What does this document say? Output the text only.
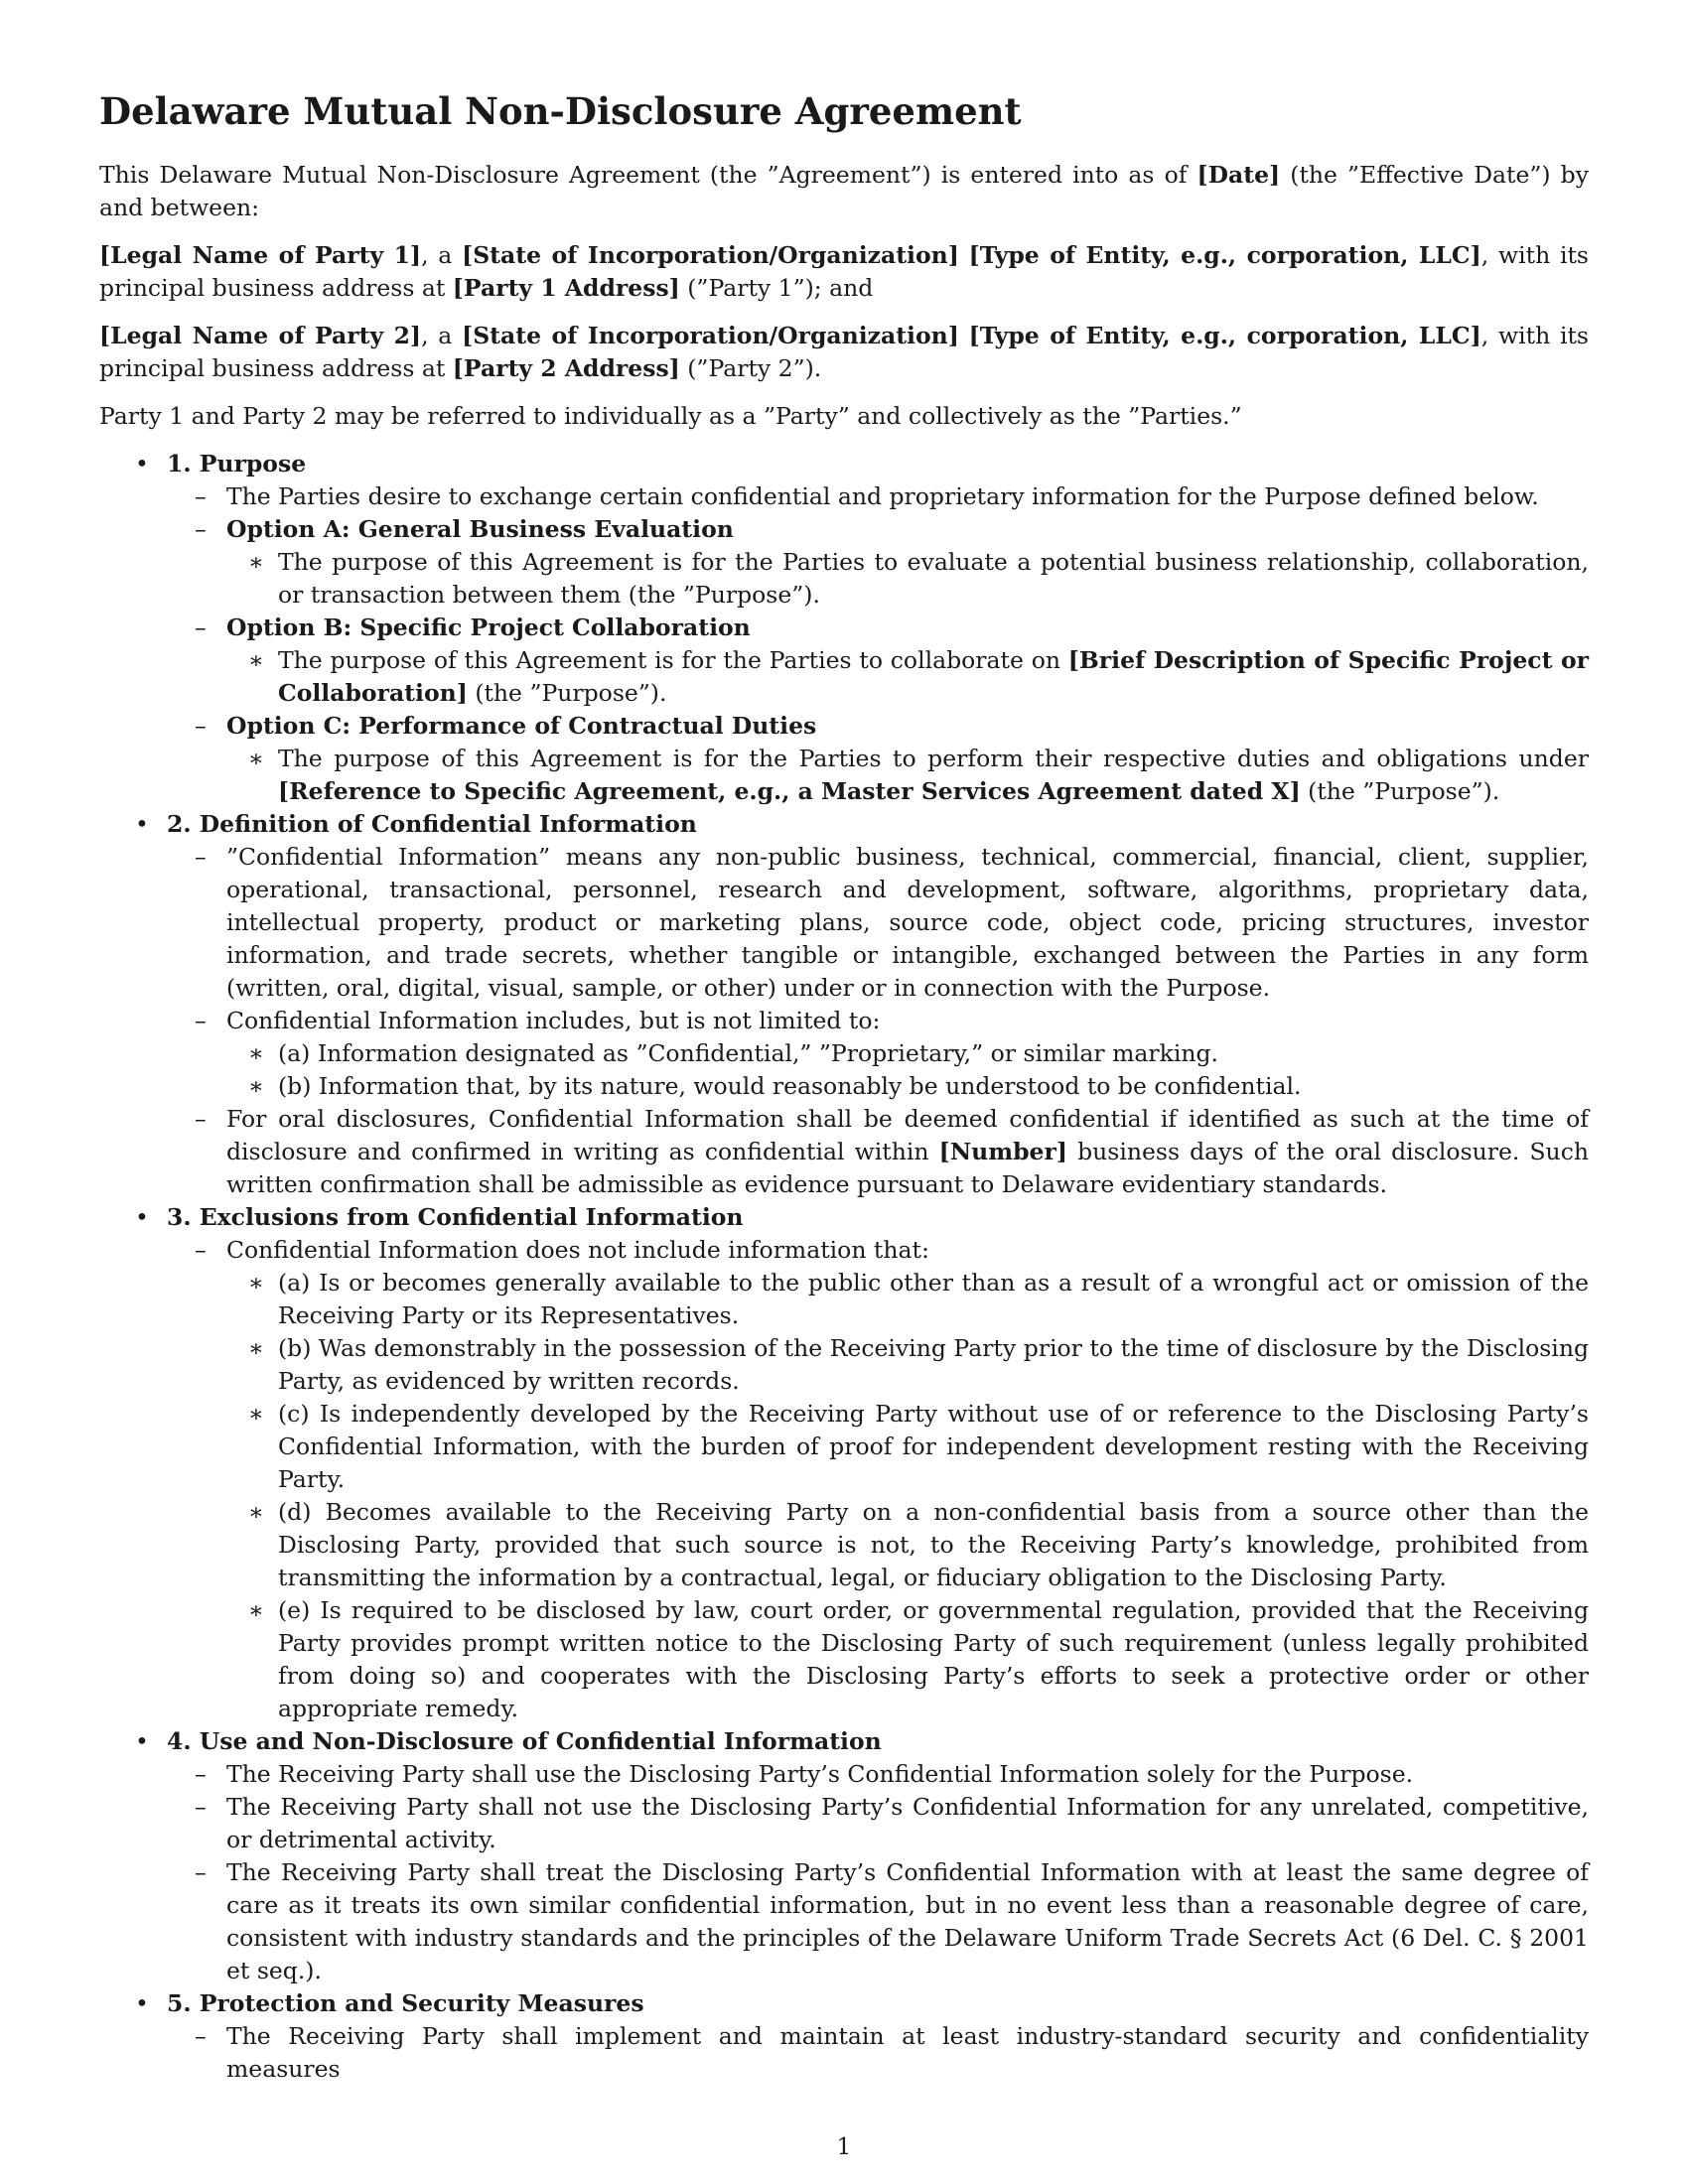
Delaware Mutual Non-Disclosure Agreement

This Delaware Mutual Non-Disclosure Agreement (the ”Agreement”) is entered into as of [Date] (the ”Effective Date”) by and between:

[Legal Name of Party 1], a [State of Incorporation/Organization] [Type of Entity, e.g., corporation, LLC], with its principal business address at [Party 1 Address] (”Party 1”); and

[Legal Name of Party 2], a [State of Incorporation/Organization] [Type of Entity, e.g., corporation, LLC], with its principal business address at [Party 2 Address] (”Party 2”).

Party 1 and Party 2 may be referred to individually as a ”Party” and collectively as the ”Parties.”

• 1. Purpose
– The Parties desire to exchange certain confidential and proprietary information for the Purpose defined below.
– Option A: General Business Evaluation
∗ The purpose of this Agreement is for the Parties to evaluate a potential business relationship, collaboration, or transaction between them (the ”Purpose”).
– Option B: Specific Project Collaboration
∗ The purpose of this Agreement is for the Parties to collaborate on [Brief Description of Specific Project or Collaboration] (the ”Purpose”).
– Option C: Performance of Contractual Duties
∗ The purpose of this Agreement is for the Parties to perform their respective duties and obligations under [Reference to Specific Agreement, e.g., a Master Services Agreement dated X] (the ”Purpose”).
• 2. Definition of Confidential Information
– ”Confidential Information” means any non-public business, technical, commercial, financial, client, supplier, operational, transactional, personnel, research and development, software, algorithms, proprietary data, intellectual property, product or marketing plans, source code, object code, pricing structures, investor information, and trade secrets, whether tangible or intangible, exchanged between the Parties in any form (written, oral, digital, visual, sample, or other) under or in connection with the Purpose.
– Confidential Information includes, but is not limited to:
∗ (a) Information designated as ”Confidential,” ”Proprietary,” or similar marking.
∗ (b) Information that, by its nature, would reasonably be understood to be confidential.
– For oral disclosures, Confidential Information shall be deemed confidential if identified as such at the time of disclosure and confirmed in writing as confidential within [Number] business days of the oral disclosure. Such written confirmation shall be admissible as evidence pursuant to Delaware evidentiary standards.
• 3. Exclusions from Confidential Information
– Confidential Information does not include information that:
∗ (a) Is or becomes generally available to the public other than as a result of a wrongful act or omission of the Receiving Party or its Representatives.
∗ (b) Was demonstrably in the possession of the Receiving Party prior to the time of disclosure by the Disclosing Party, as evidenced by written records.
∗ (c) Is independently developed by the Receiving Party without use of or reference to the Disclosing Party’s Confidential Information, with the burden of proof for independent development resting with the Receiving Party.
∗ (d) Becomes available to the Receiving Party on a non-confidential basis from a source other than the Disclosing Party, provided that such source is not, to the Receiving Party’s knowledge, prohibited from transmitting the information by a contractual, legal, or fiduciary obligation to the Disclosing Party.
∗ (e) Is required to be disclosed by law, court order, or governmental regulation, provided that the Receiving Party provides prompt written notice to the Disclosing Party of such requirement (unless legally prohibited from doing so) and cooperates with the Disclosing Party’s efforts to seek a protective order or other appropriate remedy.
• 4. Use and Non-Disclosure of Confidential Information
– The Receiving Party shall use the Disclosing Party’s Confidential Information solely for the Purpose.
– The Receiving Party shall not use the Disclosing Party’s Confidential Information for any unrelated, competitive, or detrimental activity.
– The Receiving Party shall treat the Disclosing Party’s Confidential Information with at least the same degree of care as it treats its own similar confidential information, but in no event less than a reasonable degree of care, consistent with industry standards and the principles of the Delaware Uniform Trade Secrets Act (6 Del. C. § 2001 et seq.).
• 5. Protection and Security Measures
– The Receiving Party shall implement and maintain at least industry-standard security and confidentiality measures
1
